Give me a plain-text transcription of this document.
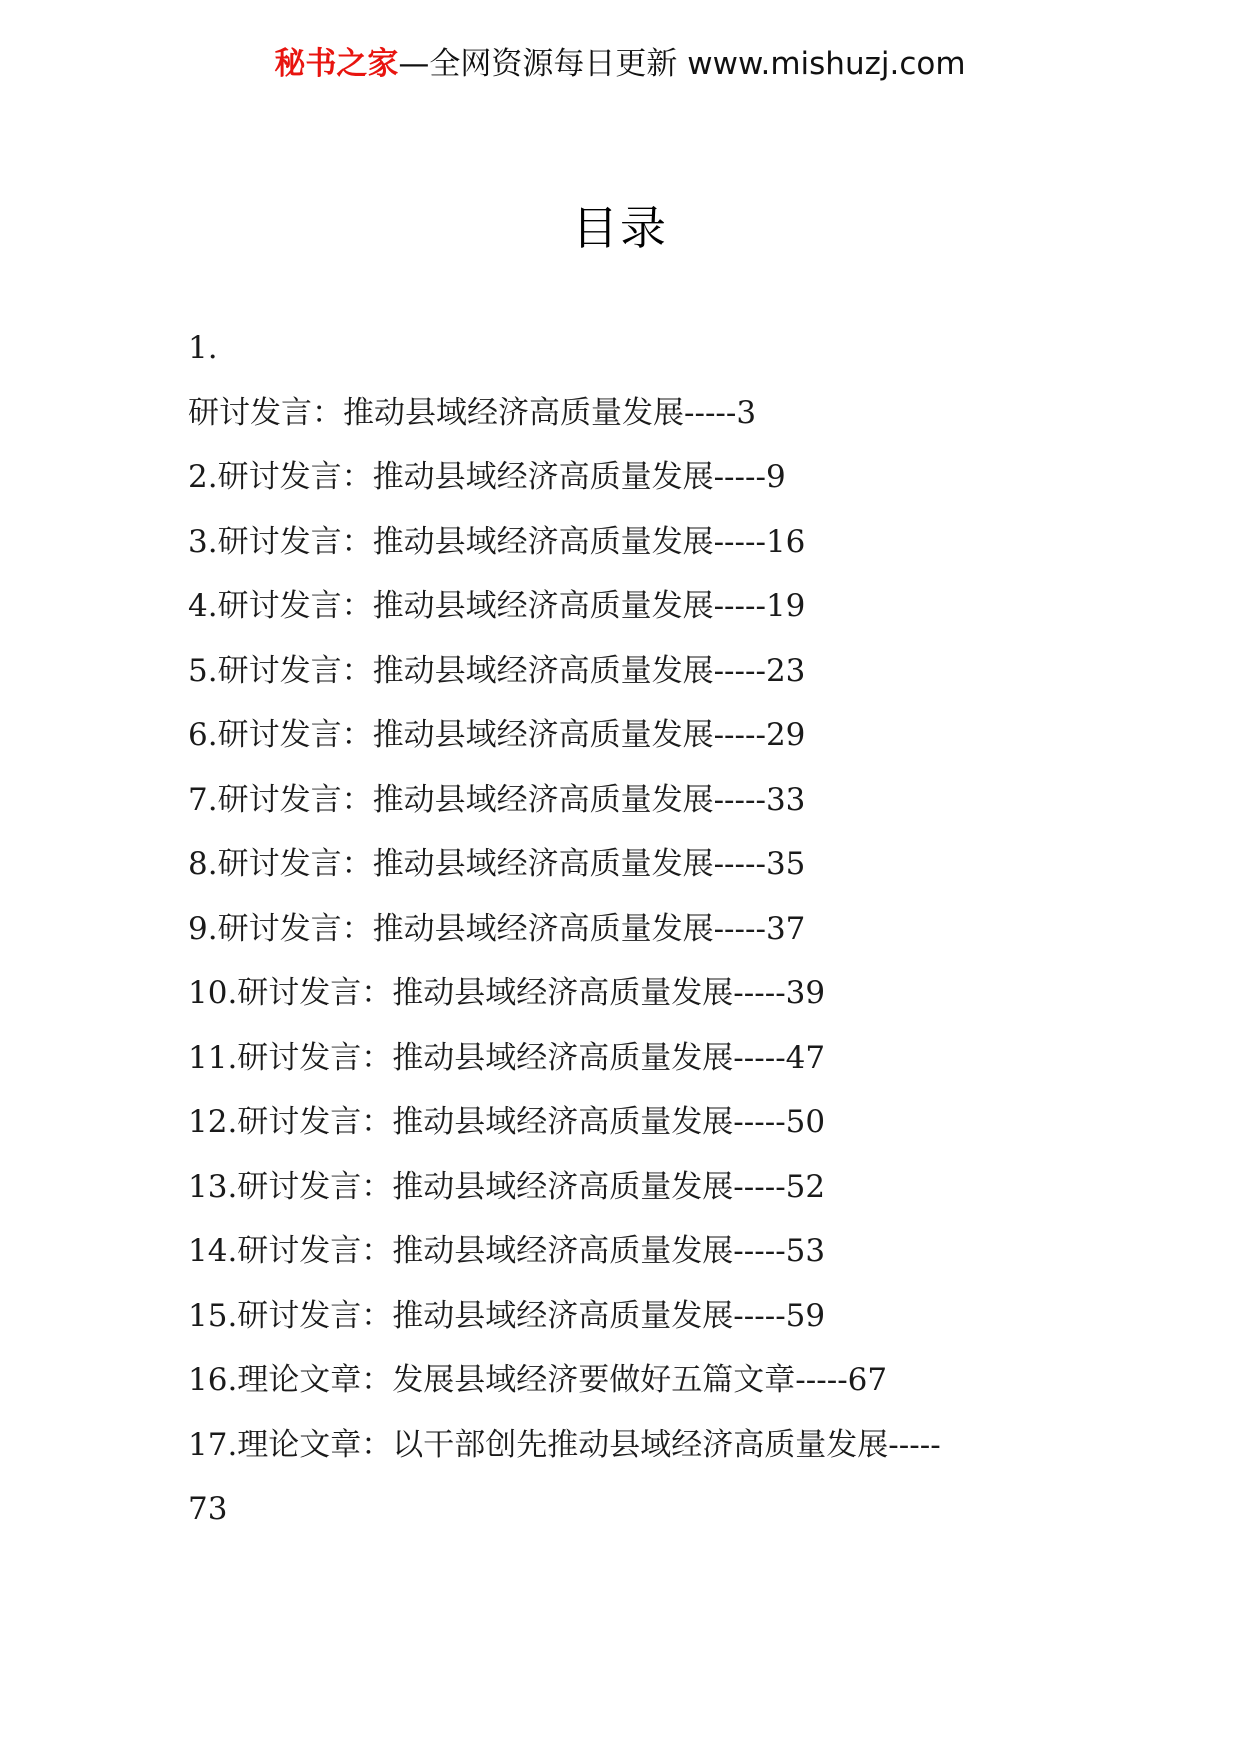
秘书之家—全网资源每日更新 www.mishuzj.com
目录
1.
研讨发言：推动县域经济高质量发展-----3
2.研讨发言：推动县域经济高质量发展-----9
3.研讨发言：推动县域经济高质量发展-----16
4.研讨发言：推动县域经济高质量发展-----19
5.研讨发言：推动县域经济高质量发展-----23
6.研讨发言：推动县域经济高质量发展-----29
7.研讨发言：推动县域经济高质量发展-----33
8.研讨发言：推动县域经济高质量发展-----35
9.研讨发言：推动县域经济高质量发展-----37
10.研讨发言：推动县域经济高质量发展-----39
11.研讨发言：推动县域经济高质量发展-----47
12.研讨发言：推动县域经济高质量发展-----50
13.研讨发言：推动县域经济高质量发展-----52
14.研讨发言：推动县域经济高质量发展-----53
15.研讨发言：推动县域经济高质量发展-----59
16.理论文章：发展县域经济要做好五篇文章-----67
17.理论文章：以干部创先推动县域经济高质量发展-----
73
